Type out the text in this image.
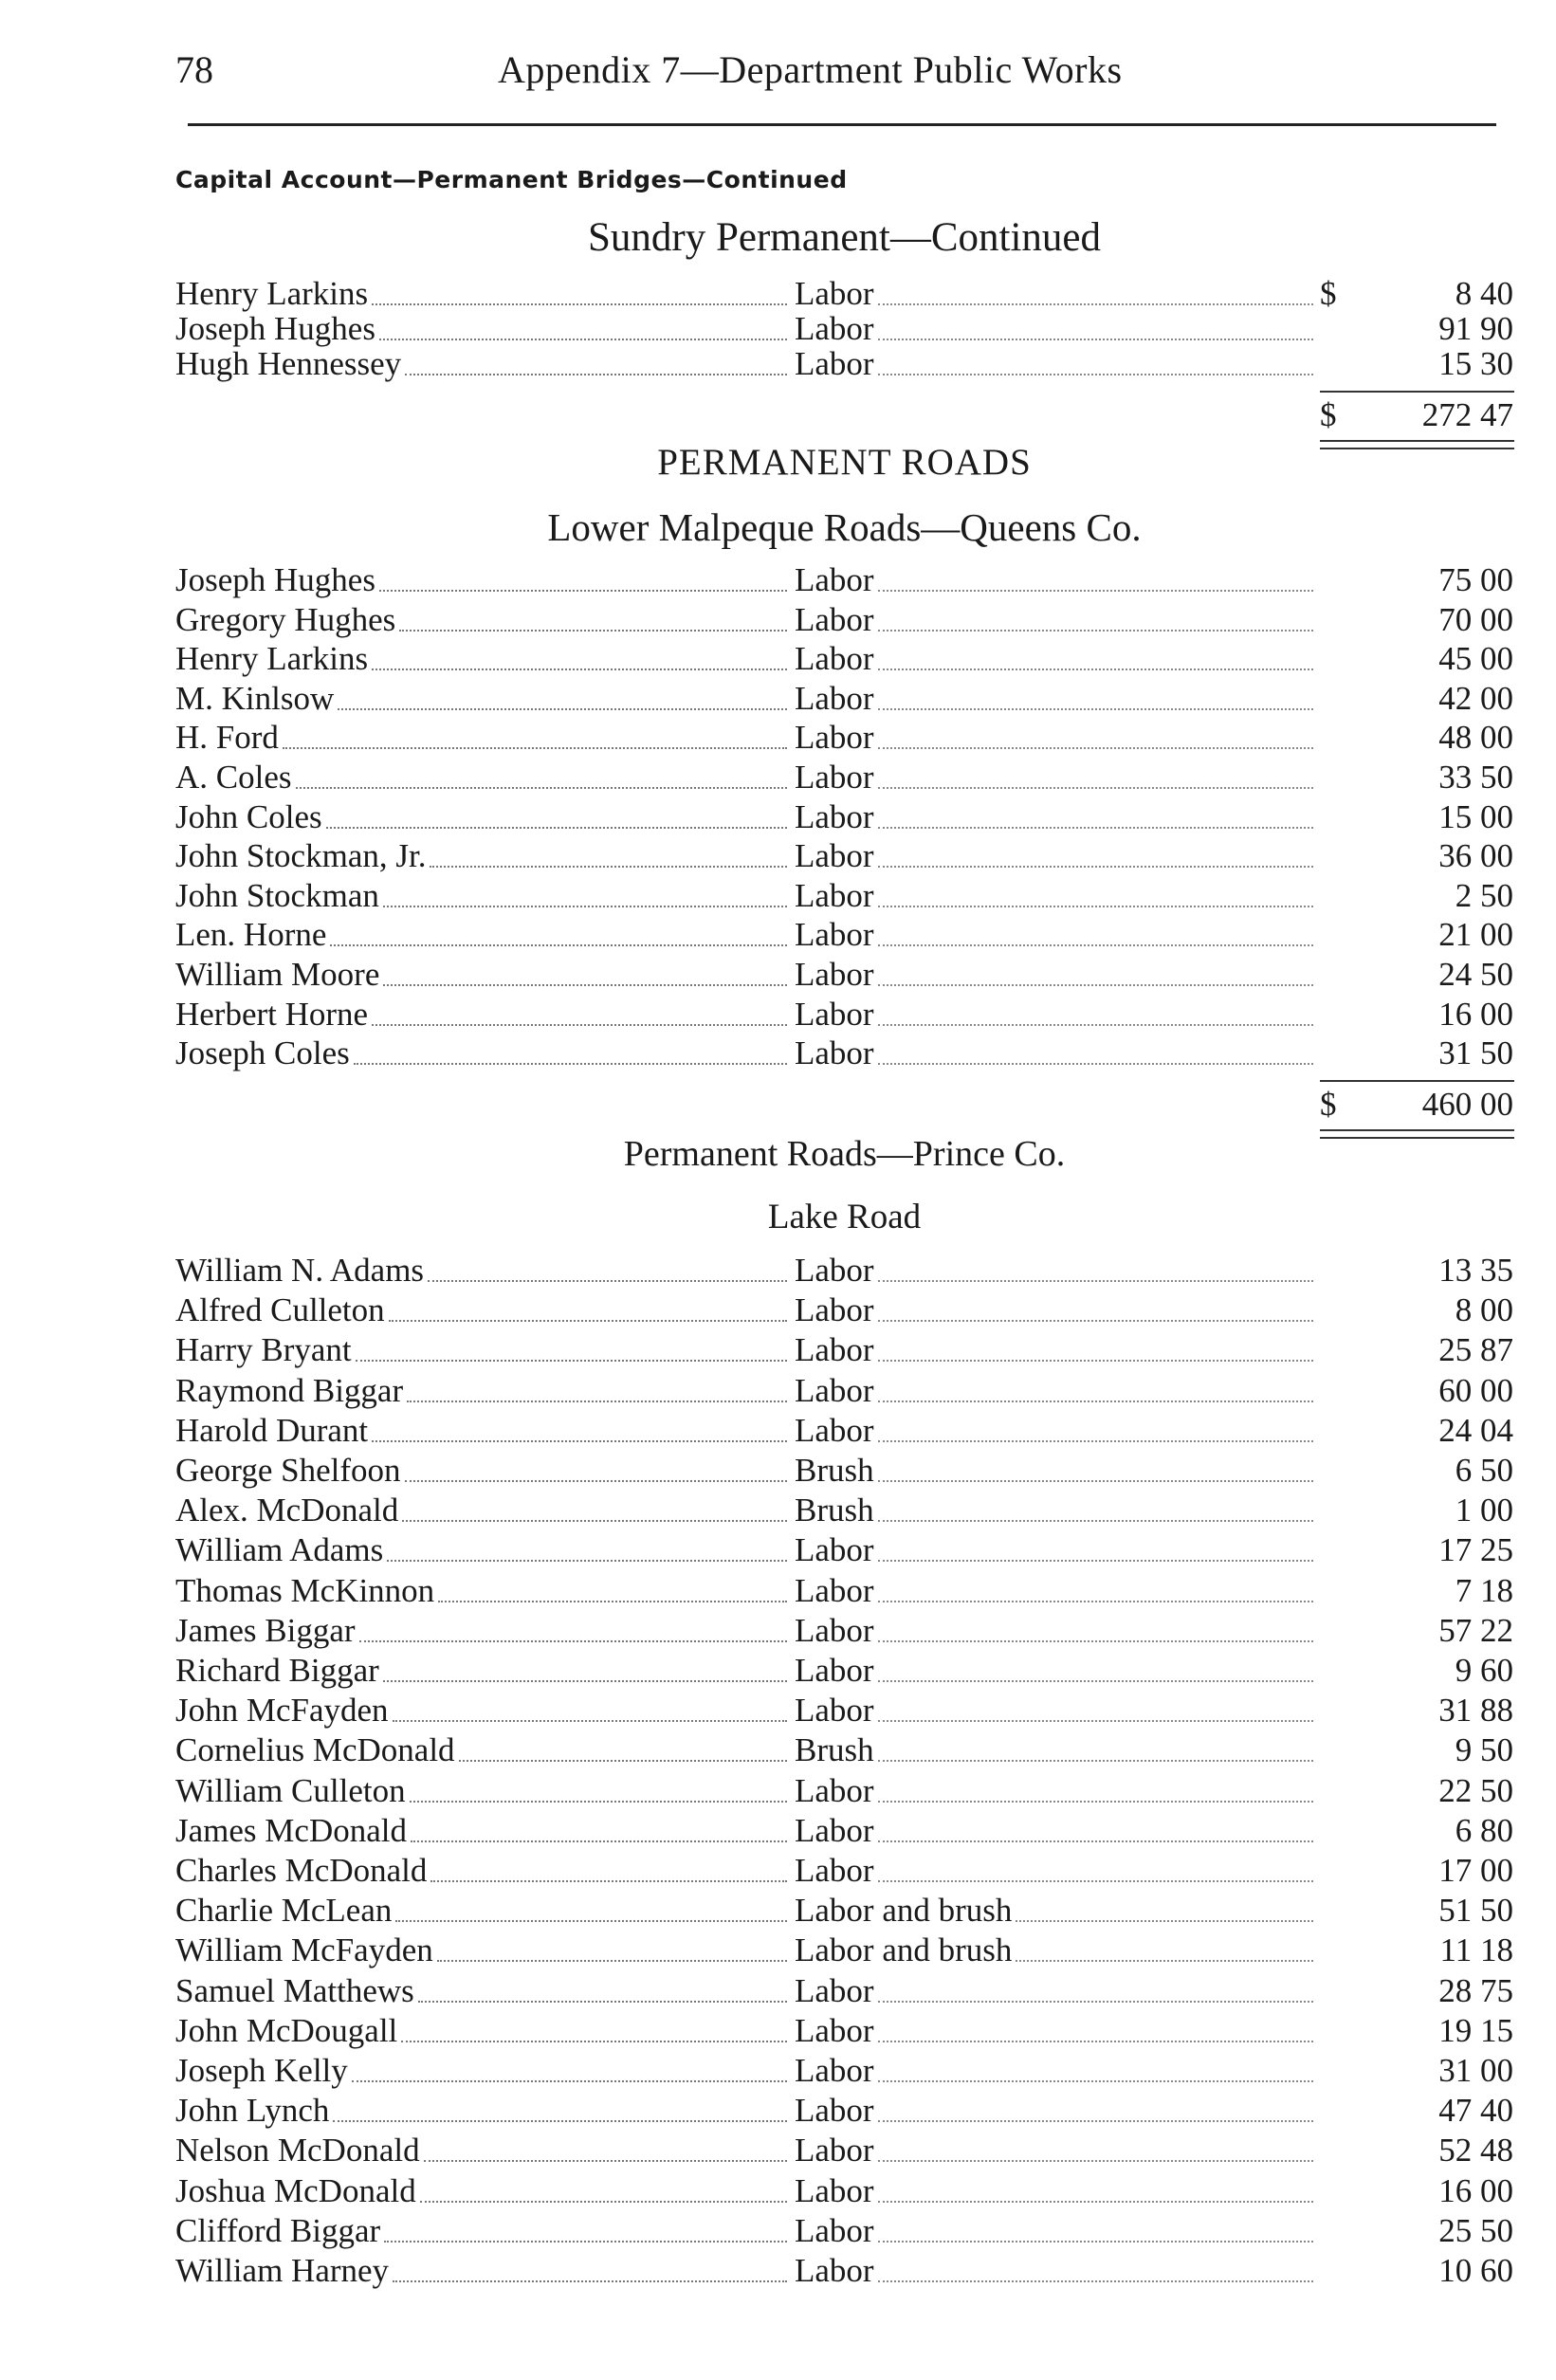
78	Appendix 7—Department Public Works
Capital Account—Permanent Bridges—Continued
Sundry Permanent—Continued
Henry Larkins	Labor	$	8 40
Joseph Hughes	Labor	91 90
Hugh Hennessey	Labor	15 30
$	272 47
PERMANENT ROADS
Lower Malpeque Roads—Queens Co.
Joseph Hughes	Labor	75 00
Gregory Hughes	Labor	70 00
Henry Larkins	Labor	45 00
M. Kinlsow	Labor	42 00
H. Ford	Labor	48 00
A. Coles	Labor	33 50
John Coles	Labor	15 00
John Stockman, Jr.	Labor	36 00
John Stockman	Labor	2 50
Len. Horne	Labor	21 00
William Moore	Labor	24 50
Herbert Horne	Labor	16 00
Joseph Coles	Labor	31 50
$	460 00
Permanent Roads—Prince Co.
Lake Road
William N. Adams	Labor	13 35
Alfred Culleton	Labor	8 00
Harry Bryant	Labor	25 87
Raymond Biggar	Labor	60 00
Harold Durant	Labor	24 04
George Shelfoon	Brush	6 50
Alex. McDonald	Brush	1 00
William Adams	Labor	17 25
Thomas McKinnon	Labor	7 18
James Biggar	Labor	57 22
Richard Biggar	Labor	9 60
John McFayden	Labor	31 88
Cornelius McDonald	Brush	9 50
William Culleton	Labor	22 50
James McDonald	Labor	6 80
Charles McDonald	Labor	17 00
Charlie McLean	Labor and brush	51 50
William McFayden	Labor and brush	11 18
Samuel Matthews	Labor	28 75
John McDougall	Labor	19 15
Joseph Kelly	Labor	31 00
John Lynch	Labor	47 40
Nelson McDonald	Labor	52 48
Joshua McDonald	Labor	16 00
Clifford Biggar	Labor	25 50
William Harney	Labor	10 60
